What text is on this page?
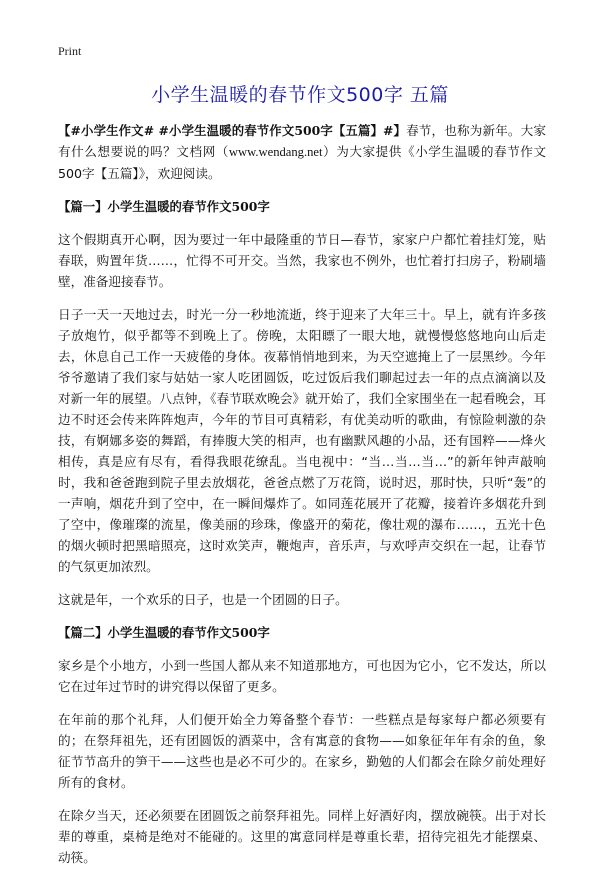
Print
小学生温暖的春节作文500字 五篇

【#小学生作文# #小学生温暖的春节作文500字【五篇】#】春节，也称为新年。大家有什么想要说的吗？文档网（www.wendang.net）为大家提供《小学生温暖的春节作文500字【五篇】》，欢迎阅读。

【篇一】小学生温暖的春节作文500字

这个假期真开心啊，因为要过一年中最隆重的节日—春节，家家户户都忙着挂灯笼，贴春联，购置年货……，忙得不可开交。当然，我家也不例外，也忙着打扫房子，粉刷墙壁，准备迎接春节。

日子一天一天地过去，时光一分一秒地流逝，终于迎来了大年三十。早上，就有许多孩子放炮竹，似乎都等不到晚上了。傍晚，太阳瞟了一眼大地，就慢慢悠悠地向山后走去，休息自己工作一天疲倦的身体。夜幕悄悄地到来，为天空遮掩上了一层黑纱。今年爷爷邀请了我们家与姑姑一家人吃团圆饭，吃过饭后我们聊起过去一年的点点滴滴以及对新一年的展望。八点钟，《春节联欢晚会》就开始了，我们全家围坐在一起看晚会，耳边不时还会传来阵阵炮声，今年的节目可真精彩，有优美动听的歌曲，有惊险刺激的杂技，有婀娜多姿的舞蹈，有捧腹大笑的相声，也有幽默风趣的小品，还有国粹——烽火相传，真是应有尽有，看得我眼花缭乱。当电视中：“当…当…当…”的新年钟声敲响时，我和爸爸跑到院子里去放烟花，爸爸点燃了万花筒，说时迟，那时快，只听“轰”的一声响，烟花升到了空中，在一瞬间爆炸了。如同莲花展开了花瓣，接着许多烟花升到了空中，像璀璨的流星，像美丽的珍珠，像盛开的菊花，像壮观的瀑布……，五光十色的烟火顿时把黑暗照亮，这时欢笑声，鞭炮声，音乐声，与欢呼声交织在一起，让春节的气氛更加浓烈。

这就是年，一个欢乐的日子，也是一个团圆的日子。

【篇二】小学生温暖的春节作文500字

家乡是个小地方，小到一些国人都从来不知道那地方，可也因为它小，它不发达，所以它在过年过节时的讲究得以保留了更多。

在年前的那个礼拜，人们便开始全力筹备整个春节：一些糕点是每家每户都必须要有的；在祭拜祖先，还有团圆饭的酒菜中，含有寓意的食物——如象征年年有余的鱼，象征节节高升的笋干——这些也是必不可少的。在家乡，勤勉的人们都会在除夕前处理好所有的食材。

在除夕当天，还必须要在团圆饭之前祭拜祖先。同样上好酒好肉，摆放碗筷。出于对长辈的尊重，桌椅是绝对不能碰的。这里的寓意同样是尊重长辈，招待完祖先才能摆桌、动筷。
